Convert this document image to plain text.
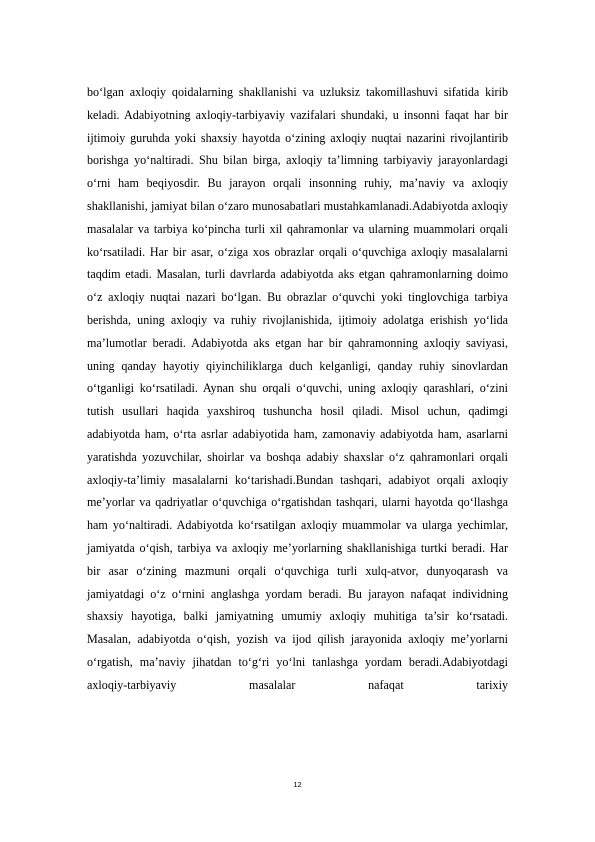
bo‘lgan axloqiy qoidalarning shakllanishi va uzluksiz takomillashuvi sifatida kirib keladi. Adabiyotning axloqiy-tarbiyaviy vazifalari shundaki, u insonni faqat har bir ijtimoiy guruhda yoki shaxsiy hayotda o‘zining axloqiy nuqtai nazarini rivojlantirib borishga yo‘naltiradi. Shu bilan birga, axloqiy ta’limning tarbiyaviy jarayonlardagi o‘rni ham beqiyosdir. Bu jarayon orqali insonning ruhiy, ma’naviy va axloqiy shakllanishi, jamiyat bilan o‘zaro munosabatlari mustahkamlanadi.Adabiyotda axloqiy masalalar va tarbiya ko‘pincha turli xil qahramonlar va ularning muammolari orqali ko‘rsatiladi. Har bir asar, o‘ziga xos obrazlar orqali o‘quvchiga axloqiy masalalarni taqdim etadi. Masalan, turli davrlarda adabiyotda aks etgan qahramonlarning doimo o‘z axloqiy nuqtai nazari bo‘lgan. Bu obrazlar o‘quvchi yoki tinglovchiga tarbiya berishda, uning axloqiy va ruhiy rivojlanishida, ijtimoiy adolatga erishish yo‘lida ma’lumotlar beradi. Adabiyotda aks etgan har bir qahramonning axloqiy saviyasi, uning qanday hayotiy qiyinchiliklarga duch kelganligi, qanday ruhiy sinovlardan o‘tganligi ko‘rsatiladi. Aynan shu orqali o‘quvchi, uning axloqiy qarashlari, o‘zini tutish usullari haqida yaxshiroq tushuncha hosil qiladi. Misol uchun, qadimgi adabiyotda ham, o‘rta asrlar adabiyotida ham, zamonaviy adabiyotda ham, asarlarni yaratishda yozuvchilar, shoirlar va boshqa adabiy shaxslar o‘z qahramonlari orqali axloqiy-ta’limiy masalalarni ko‘tarishadi.Bundan tashqari, adabiyot orqali axloqiy me’yorlar va qadriyatlar o‘quvchiga o‘rgatishdan tashqari, ularni hayotda qo‘llashga ham yo‘naltiradi. Adabiyotda ko‘rsatilgan axloqiy muammolar va ularga yechimlar, jamiyatda o‘qish, tarbiya va axloqiy me’yorlarning shakllanishiga turtki beradi. Har bir asar o‘zining mazmuni orqali o‘quvchiga turli xulq-atvor, dunyoqarash va jamiyatdagi o‘z o‘rnini anglashga yordam beradi. Bu jarayon nafaqat individning shaxsiy hayotiga, balki jamiyatning umumiy axloqiy muhitiga ta’sir ko‘rsatadi. Masalan, adabiyotda o‘qish, yozish va ijod qilish jarayonida axloqiy me’yorlarni o‘rgatish, ma’naviy jihatdan to‘g‘ri yo‘lni tanlashga yordam beradi.Adabiyotdagi axloqiy-tarbiyaviy masalalar nafaqat tarixiy

12
